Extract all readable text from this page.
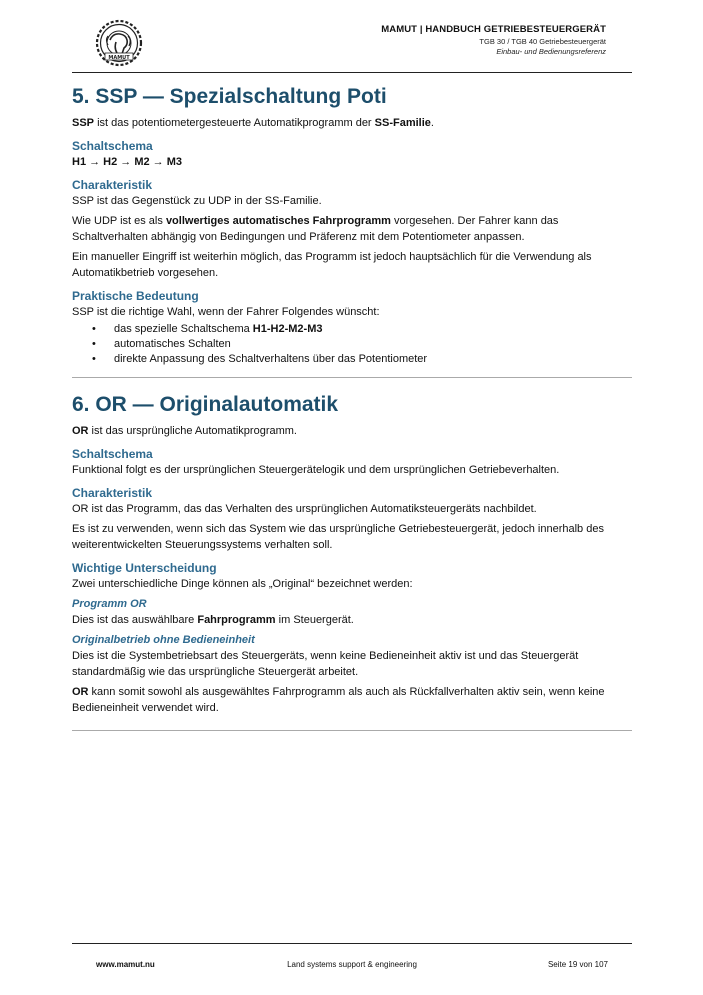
MAMUT
MAMUT | HANDBUCH GETRIEBESTEUERGERÄT
TGB 30 / TGB 40 Getriebesteuergerät
Einbau- und Bedienungsreferenz
5. SSP — Spezialschaltung Poti

SSP ist das potentiometergesteuerte Automatikprogramm der SS-Familie.

Schaltschema

H1 → H2 → M2 → M3

Charakteristik

SSP ist das Gegenstück zu UDP in der SS-Familie.

Wie UDP ist es als vollwertiges automatisches Fahrprogramm vorgesehen. Der Fahrer kann das Schaltverhalten abhängig von Bedingungen und Präferenz mit dem Potentiometer anpassen.

Ein manueller Eingriff ist weiterhin möglich, das Programm ist jedoch hauptsächlich für die Verwendung als Automatikbetrieb vorgesehen.

Praktische Bedeutung

SSP ist die richtige Wahl, wenn der Fahrer Folgendes wünscht:

• das spezielle Schaltschema H1-H2-M2-M3
• automatisches Schalten
• direkte Anpassung des Schaltverhaltens über das Potentiometer
6. OR — Originalautomatik

OR ist das ursprüngliche Automatikprogramm.

Schaltschema

Funktional folgt es der ursprünglichen Steuergerätelogik und dem ursprünglichen Getriebeverhalten.

Charakteristik

OR ist das Programm, das das Verhalten des ursprünglichen Automatiksteuergeräts nachbildet.

Es ist zu verwenden, wenn sich das System wie das ursprüngliche Getriebesteuergerät, jedoch innerhalb des weiterentwickelten Steuerungssystems verhalten soll.

Wichtige Unterscheidung

Zwei unterschiedliche Dinge können als „Original“ bezeichnet werden:

Programm OR

Dies ist das auswählbare Fahrprogramm im Steuergerät.

Originalbetrieb ohne Bedieneinheit

Dies ist die Systembetriebsart des Steuergeräts, wenn keine Bedieneinheit aktiv ist und das Steuergerät standardmäßig wie das ursprüngliche Steuergerät arbeitet.

OR kann somit sowohl als ausgewähltes Fahrprogramm als auch als Rückfallverhalten aktiv sein, wenn keine Bedieneinheit verwendet wird.

www.mamut.nu	Land systems support & engineering	Seite 19 von 107
